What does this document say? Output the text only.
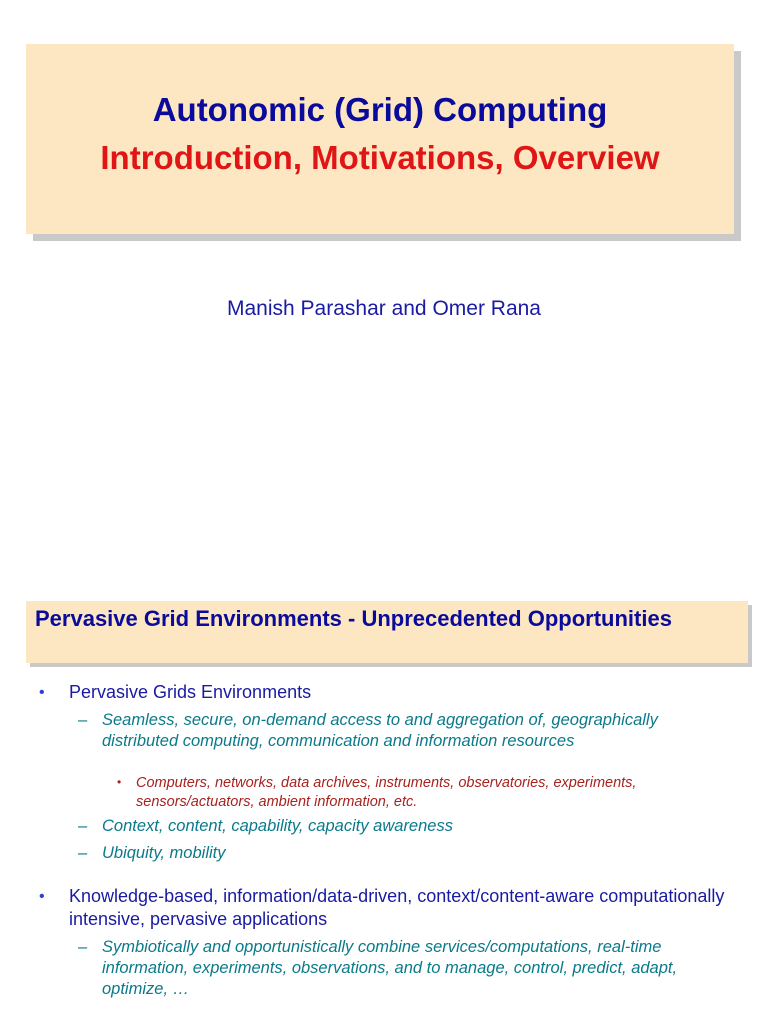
Autonomic (Grid) Computing
Introduction, Motivations, Overview
Manish Parashar and Omer Rana
Pervasive Grid Environments - Unprecedented Opportunities
• Pervasive Grids Environments
– Seamless, secure, on-demand access to and aggregation of, geographically distributed computing, communication and information resources
• Computers, networks, data archives, instruments, observatories, experiments, sensors/actuators, ambient information, etc.
– Context, content, capability, capacity awareness
– Ubiquity, mobility
• Knowledge-based, information/data-driven, context/content-aware computationally intensive, pervasive applications
– Symbiotically and opportunistically combine services/computations, real-time information, experiments, observations, and to manage, control, predict, adapt, optimize, …
